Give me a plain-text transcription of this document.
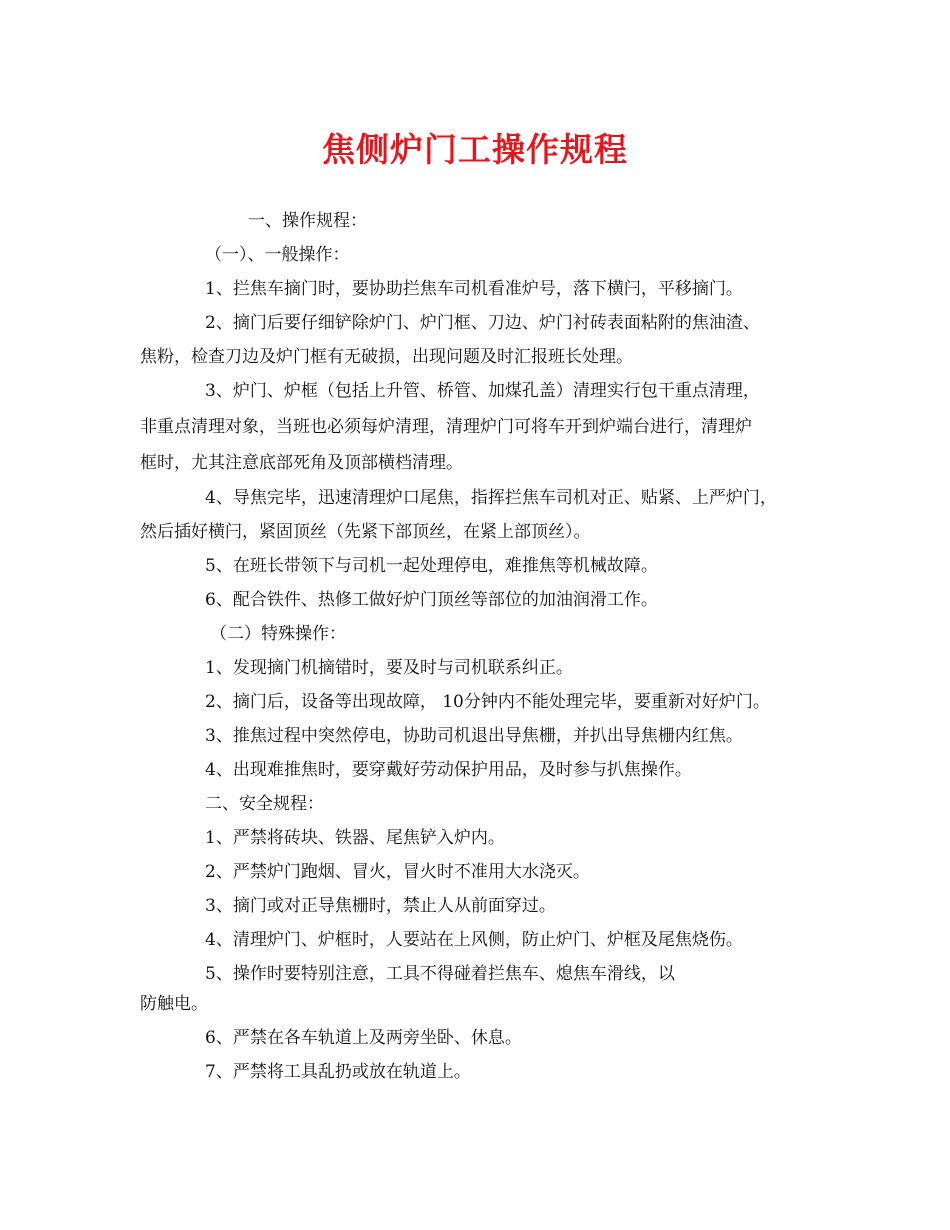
焦侧炉门工操作规程
一、操作规程：
（一）、一般操作：
1、拦焦车摘门时，要协助拦焦车司机看准炉号，落下横闩，平移摘门。
2、摘门后要仔细铲除炉门、炉门框、刀边、炉门衬砖表面粘附的焦油渣、
焦粉，检查刀边及炉门框有无破损，出现问题及时汇报班长处理。
3、炉门、炉框（包括上升管、桥管、加煤孔盖）清理实行包干重点清理，
非重点清理对象，当班也必须每炉清理，清理炉门可将车开到炉端台进行，清理炉
框时，尤其注意底部死角及顶部横档清理。
4、导焦完毕，迅速清理炉口尾焦，指挥拦焦车司机对正、贴紧、上严炉门，
然后插好横闩，紧固顶丝（先紧下部顶丝，在紧上部顶丝）。
5、在班长带领下与司机一起处理停电，难推焦等机械故障。
6、配合铁件、热修工做好炉门顶丝等部位的加油润滑工作。
（二）特殊操作：
1、发现摘门机摘错时，要及时与司机联系纠正。
2、摘门后，设备等出现故障， 10分钟内不能处理完毕，要重新对好炉门。
3、推焦过程中突然停电，协助司机退出导焦栅，并扒出导焦栅内红焦。
4、出现难推焦时，要穿戴好劳动保护用品，及时参与扒焦操作。
二、安全规程：
1、严禁将砖块、铁器、尾焦铲入炉内。
2、严禁炉门跑烟、冒火，冒火时不准用大水浇灭。
3、摘门或对正导焦栅时，禁止人从前面穿过。
4、清理炉门、炉框时，人要站在上风侧，防止炉门、炉框及尾焦烧伤。
5、操作时要特别注意，工具不得碰着拦焦车、熄焦车滑线，以
防触电。
6、严禁在各车轨道上及两旁坐卧、休息。
7、严禁将工具乱扔或放在轨道上。
